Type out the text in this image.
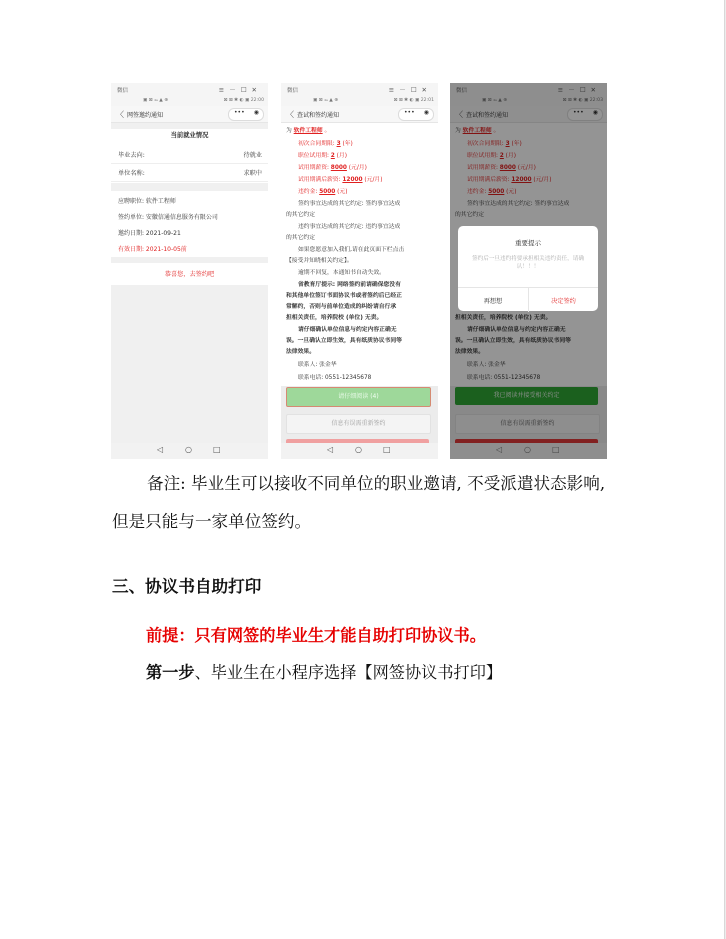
微信	≡－☐✕
▣ ⊠ ₄ₐ ▲ ⊕	⊠ ⊠ ✱ ◐ ▣ 22:00
〈 网签邀约通知	••• ◉
当前就业情况
毕业去向:	待就业
单位名称:	求职中
应聘职位: 软件工程师
签约单位: 安徽信通信息服务有限公司
邀约日期: 2021-09-21
有效日期: 2021-10-05前
恭喜您，去签约吧
◁	○	□
微信	≡－☐✕
▣ ⊠ ₄ₐ ▲ ⊕	⊠ ⊠ ✱ ◐ ▣ 22:01
〈 查试和签约通知	••• ◉
为 软件工程师 。
初次合同期限: 3 (年)
职位试用期: 2 (月)
试用期薪资: 8000 (元/月)
试用期满后薪资: 12000 (元/月)
违约金: 5000 (元)
签约事宜达成的其它约定: 签约事宜达成
的其它约定
违约事宜达成的其它约定: 违约事宜达成
的其它约定
如果您愿意加入我们,请在此页面下栏点击
【接受并知晓相关约定】。
逾期不回复，本通知书自动失效。
省教育厅提示: 网络签约前请确保您没有
和其他单位签订书面协议书或者签约后已经正
常解约，否则与前单位造成的纠纷请自行承
担相关责任，培养院校 (单位) 无责。
请仔细确认单位信息与约定内容正确无
误。一旦确认立即生效，具有纸质协议书同等
法律效果。
联系人: 张金华
联系电话: 0551-12345678
请仔细阅读 (4)
信息有误需重新签约
◁	○	□
微信	≡－☐✕
▣ ⊠ ₄ₐ ▲ ⊕	⊠ ⊠ ✱ ◐ ▣ 22:03
〈 查试和签约通知	••• ◉
为 软件工程师 。
初次合同期限: 3 (年)
职位试用期: 2 (月)
试用期薪资: 8000 (元/月)
试用期满后薪资: 12000 (元/月)
违约金: 5000 (元)
签约事宜达成的其它约定: 签约事宜达成
的其它约定
担相关责任，培养院校 (单位) 无责。
请仔细确认单位信息与约定内容正确无
误。一旦确认立即生效，具有纸质协议书同等
法律效果。
联系人: 张金华
联系电话: 0551-12345678
我已阅读并接受相关约定
信息有误需重新签约
重要提示
签约后一旦违约将要承担相关违约责任，请确认！！！
再想想	决定签约
◁	○	□
备注: 毕业生可以接收不同单位的职业邀请, 不受派遣状态影响,
但是只能与一家单位签约。
三、协议书自助打印
前提：只有网签的毕业生才能自助打印协议书。
第一步、毕业生在小程序选择【网签协议书打印】
